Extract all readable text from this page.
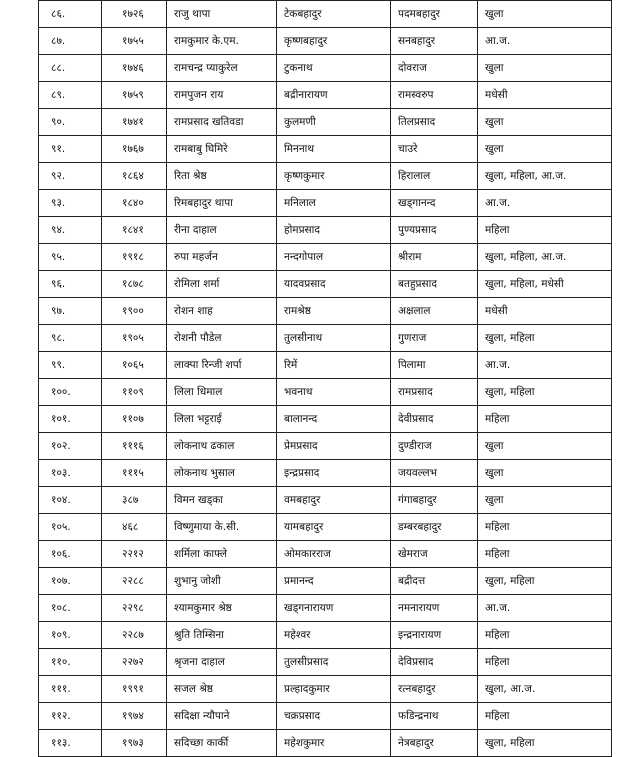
८६.	१७२६	राजु थापा	टेकबहादुर	पदमबहादुर	खुला
८७.	१७५५	रामकुमार के.एम.	कृष्णबहादुर	सनबहादुर	आ.ज.
८८.	१७४६	रामचन्द्र प्याकुरेल	टुकनाथ	दोवराज	खुला
८९.	१७५९	रामपुजन राय	बद्रीनारायण	रामस्वरुप	मधेसी
९०.	१७४१	रामप्रसाद खतिवडा	कुलमणी	तिलप्रसाद	खुला
९१.	१७६७	रामबाबु घिमिरे	मिननाथ	चाउरे	खुला
९२.	१८६४	रिता श्रेष्ठ	कृष्णकुमार	हिरालाल	खुला, महिला, आ.ज.
९३.	१८४०	रिमबहादुर थापा	मनिलाल	खड्गानन्द	आ.ज.
९४.	१८४१	रीना दाहाल	होमप्रसाद	पुण्यप्रसाद	महिला
९५.	१९१८	रुपा महर्जन	नन्दगोपाल	श्रीराम	खुला, महिला, आ.ज.
९६.	१८७८	रोमिला शर्मा	यादवप्रसाद	बतहुप्रसाद	खुला, महिला, मधेसी
९७.	१९००	रोशन शाह	रामश्रेष्ठ	अक्षलाल	मधेसी
९८.	१९०५	रोशनी पौडेल	तुलसीनाथ	गुणराज	खुला, महिला
९९.	१०६५	लाक्पा रिन्जी शर्पा	रिमें	पिलामा	आ.ज.
१००.	११०९	लिला धिमाल	भवनाथ	रामप्रसाद	खुला, महिला
१०१.	११०७	लिला भट्टराई	बालानन्द	देवीप्रसाद	महिला
१०२.	१११६	लोकनाथ ढकाल	प्रेमप्रसाद	दुण्डीराज	खुला
१०३.	१११५	लोकनाथ भुसाल	इन्द्रप्रसाद	जयवल्लभ	खुला
१०४.	३८७	विमन खड्का	वमबहादुर	गंगाबहादुर	खुला
१०५.	४६८	विष्णुमाया के.सी.	यामबहादुर	डम्बरबहादुर	महिला
१०६.	२२१२	शर्मिला काफ्ले	ओमकारराज	खेमराज	महिला
१०७.	२२८८	शुभानु जोशी	प्रमानन्द	बद्रीदत्त	खुला, महिला
१०८.	२२९८	श्यामकुमार श्रेष्ठ	खड्गनारायण	नमनारायण	आ.ज.
१०९.	२२८७	श्रुति तिम्सिना	महेश्वर	इन्द्रनारायण	महिला
११०.	२२७२	श्रृजना दाहाल	तुलसीप्रसाद	देविप्रसाद	महिला
१११.	१९९१	सजल श्रेष्ठ	प्रल्हादकुमार	रत्नबहादुर	खुला, आ.ज.
११२.	१९७४	सदिक्षा न्यौपाने	चक्रप्रसाद	फडिन्द्रनाथ	महिला
११३.	१९७३	सदिच्छा कार्की	महेशकुमार	नेत्रबहादुर	खुला, महिला
